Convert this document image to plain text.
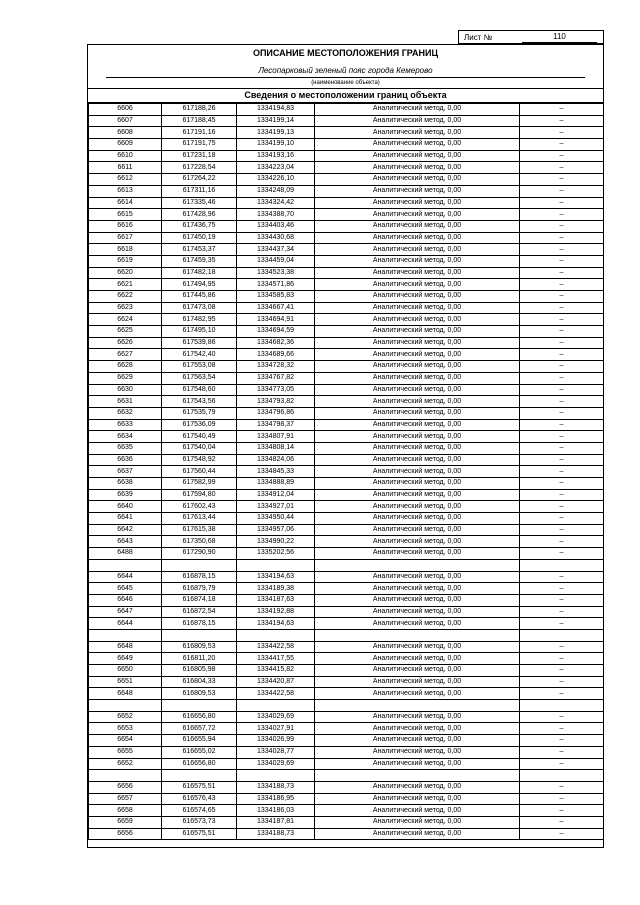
Лист №	110
ОПИСАНИЕ МЕСТОПОЛОЖЕНИЯ ГРАНИЦ
Лесопарковый зеленый пояс города Кемерово
(наименование объекта)
Сведения о местоположении границ объекта
6606	617188,26	1334194,83	Аналитический метод, 0,00	–
6607	617188,45	1334199,14	Аналитический метод, 0,00	–
6608	617191,16	1334199,13	Аналитический метод, 0,00	–
6609	617191,75	1334199,10	Аналитический метод, 0,00	–
6610	617231,18	1334193,16	Аналитический метод, 0,00	–
6611	617228,54	1334223,04	Аналитический метод, 0,00	–
6612	617264,22	1334226,10	Аналитический метод, 0,00	–
6613	617311,16	1334248,09	Аналитический метод, 0,00	–
6614	617335,46	1334324,42	Аналитический метод, 0,00	–
6615	617428,96	1334388,70	Аналитический метод, 0,00	–
6616	617436,75	1334403,46	Аналитический метод, 0,00	–
6617	617450,19	1334430,68	Аналитический метод, 0,00	–
6618	617453,37	1334437,34	Аналитический метод, 0,00	–
6619	617459,35	1334459,04	Аналитический метод, 0,00	–
6620	617482,18	1334523,38	Аналитический метод, 0,00	–
6621	617494,95	1334571,86	Аналитический метод, 0,00	–
6622	617445,86	1334585,83	Аналитический метод, 0,00	–
6623	617473,08	1334667,41	Аналитический метод, 0,00	–
6624	617482,95	1334694,91	Аналитический метод, 0,00	–
6625	617495,10	1334694,59	Аналитический метод, 0,00	–
6626	617539,86	1334682,36	Аналитический метод, 0,00	–
6627	617542,40	1334689,66	Аналитический метод, 0,00	–
6628	617553,08	1334728,32	Аналитический метод, 0,00	–
6629	617563,54	1334767,82	Аналитический метод, 0,00	–
6630	617548,60	1334773,05	Аналитический метод, 0,00	–
6631	617543,56	1334793,82	Аналитический метод, 0,00	–
6632	617535,79	1334796,86	Аналитический метод, 0,00	–
6633	617536,09	1334798,37	Аналитический метод, 0,00	–
6634	617540,49	1334807,91	Аналитический метод, 0,00	–
6635	617540,04	1334808,14	Аналитический метод, 0,00	–
6636	617548,92	1334824,06	Аналитический метод, 0,00	–
6637	617560,44	1334845,33	Аналитический метод, 0,00	–
6638	617582,99	1334888,89	Аналитический метод, 0,00	–
6639	617594,80	1334912,04	Аналитический метод, 0,00	–
6640	617602,43	1334927,01	Аналитический метод, 0,00	–
6641	617613,44	1334950,44	Аналитический метод, 0,00	–
6642	617615,38	1334957,06	Аналитический метод, 0,00	–
6643	617350,68	1334990,22	Аналитический метод, 0,00	–
6488	617290,90	1335202,56	Аналитический метод, 0,00	–

6644	616878,15	1334194,63	Аналитический метод, 0,00	–
6645	616879,79	1334189,38	Аналитический метод, 0,00	–
6646	616874,18	1334187,63	Аналитический метод, 0,00	–
6647	616872,54	1334192,88	Аналитический метод, 0,00	–
6644	616878,15	1334194,63	Аналитический метод, 0,00	–

6648	616809,53	1334422,58	Аналитический метод, 0,00	–
6649	616811,20	1334417,55	Аналитический метод, 0,00	–
6650	616805,98	1334415,82	Аналитический метод, 0,00	–
6651	616804,33	1334420,87	Аналитический метод, 0,00	–
6648	616809,53	1334422,58	Аналитический метод, 0,00	–

6652	616656,80	1334029,69	Аналитический метод, 0,00	–
6653	616657,72	1334027,91	Аналитический метод, 0,00	–
6654	616655,94	1334026,99	Аналитический метод, 0,00	–
6655	616655,02	1334028,77	Аналитический метод, 0,00	–
6652	616656,80	1334029,69	Аналитический метод, 0,00	–

6656	616575,51	1334188,73	Аналитический метод, 0,00	–
6657	616576,43	1334186,95	Аналитический метод, 0,00	–
6658	616574,65	1334186,03	Аналитический метод, 0,00	–
6659	616573,73	1334187,81	Аналитический метод, 0,00	–
6656	616575,51	1334188,73	Аналитический метод, 0,00	–
